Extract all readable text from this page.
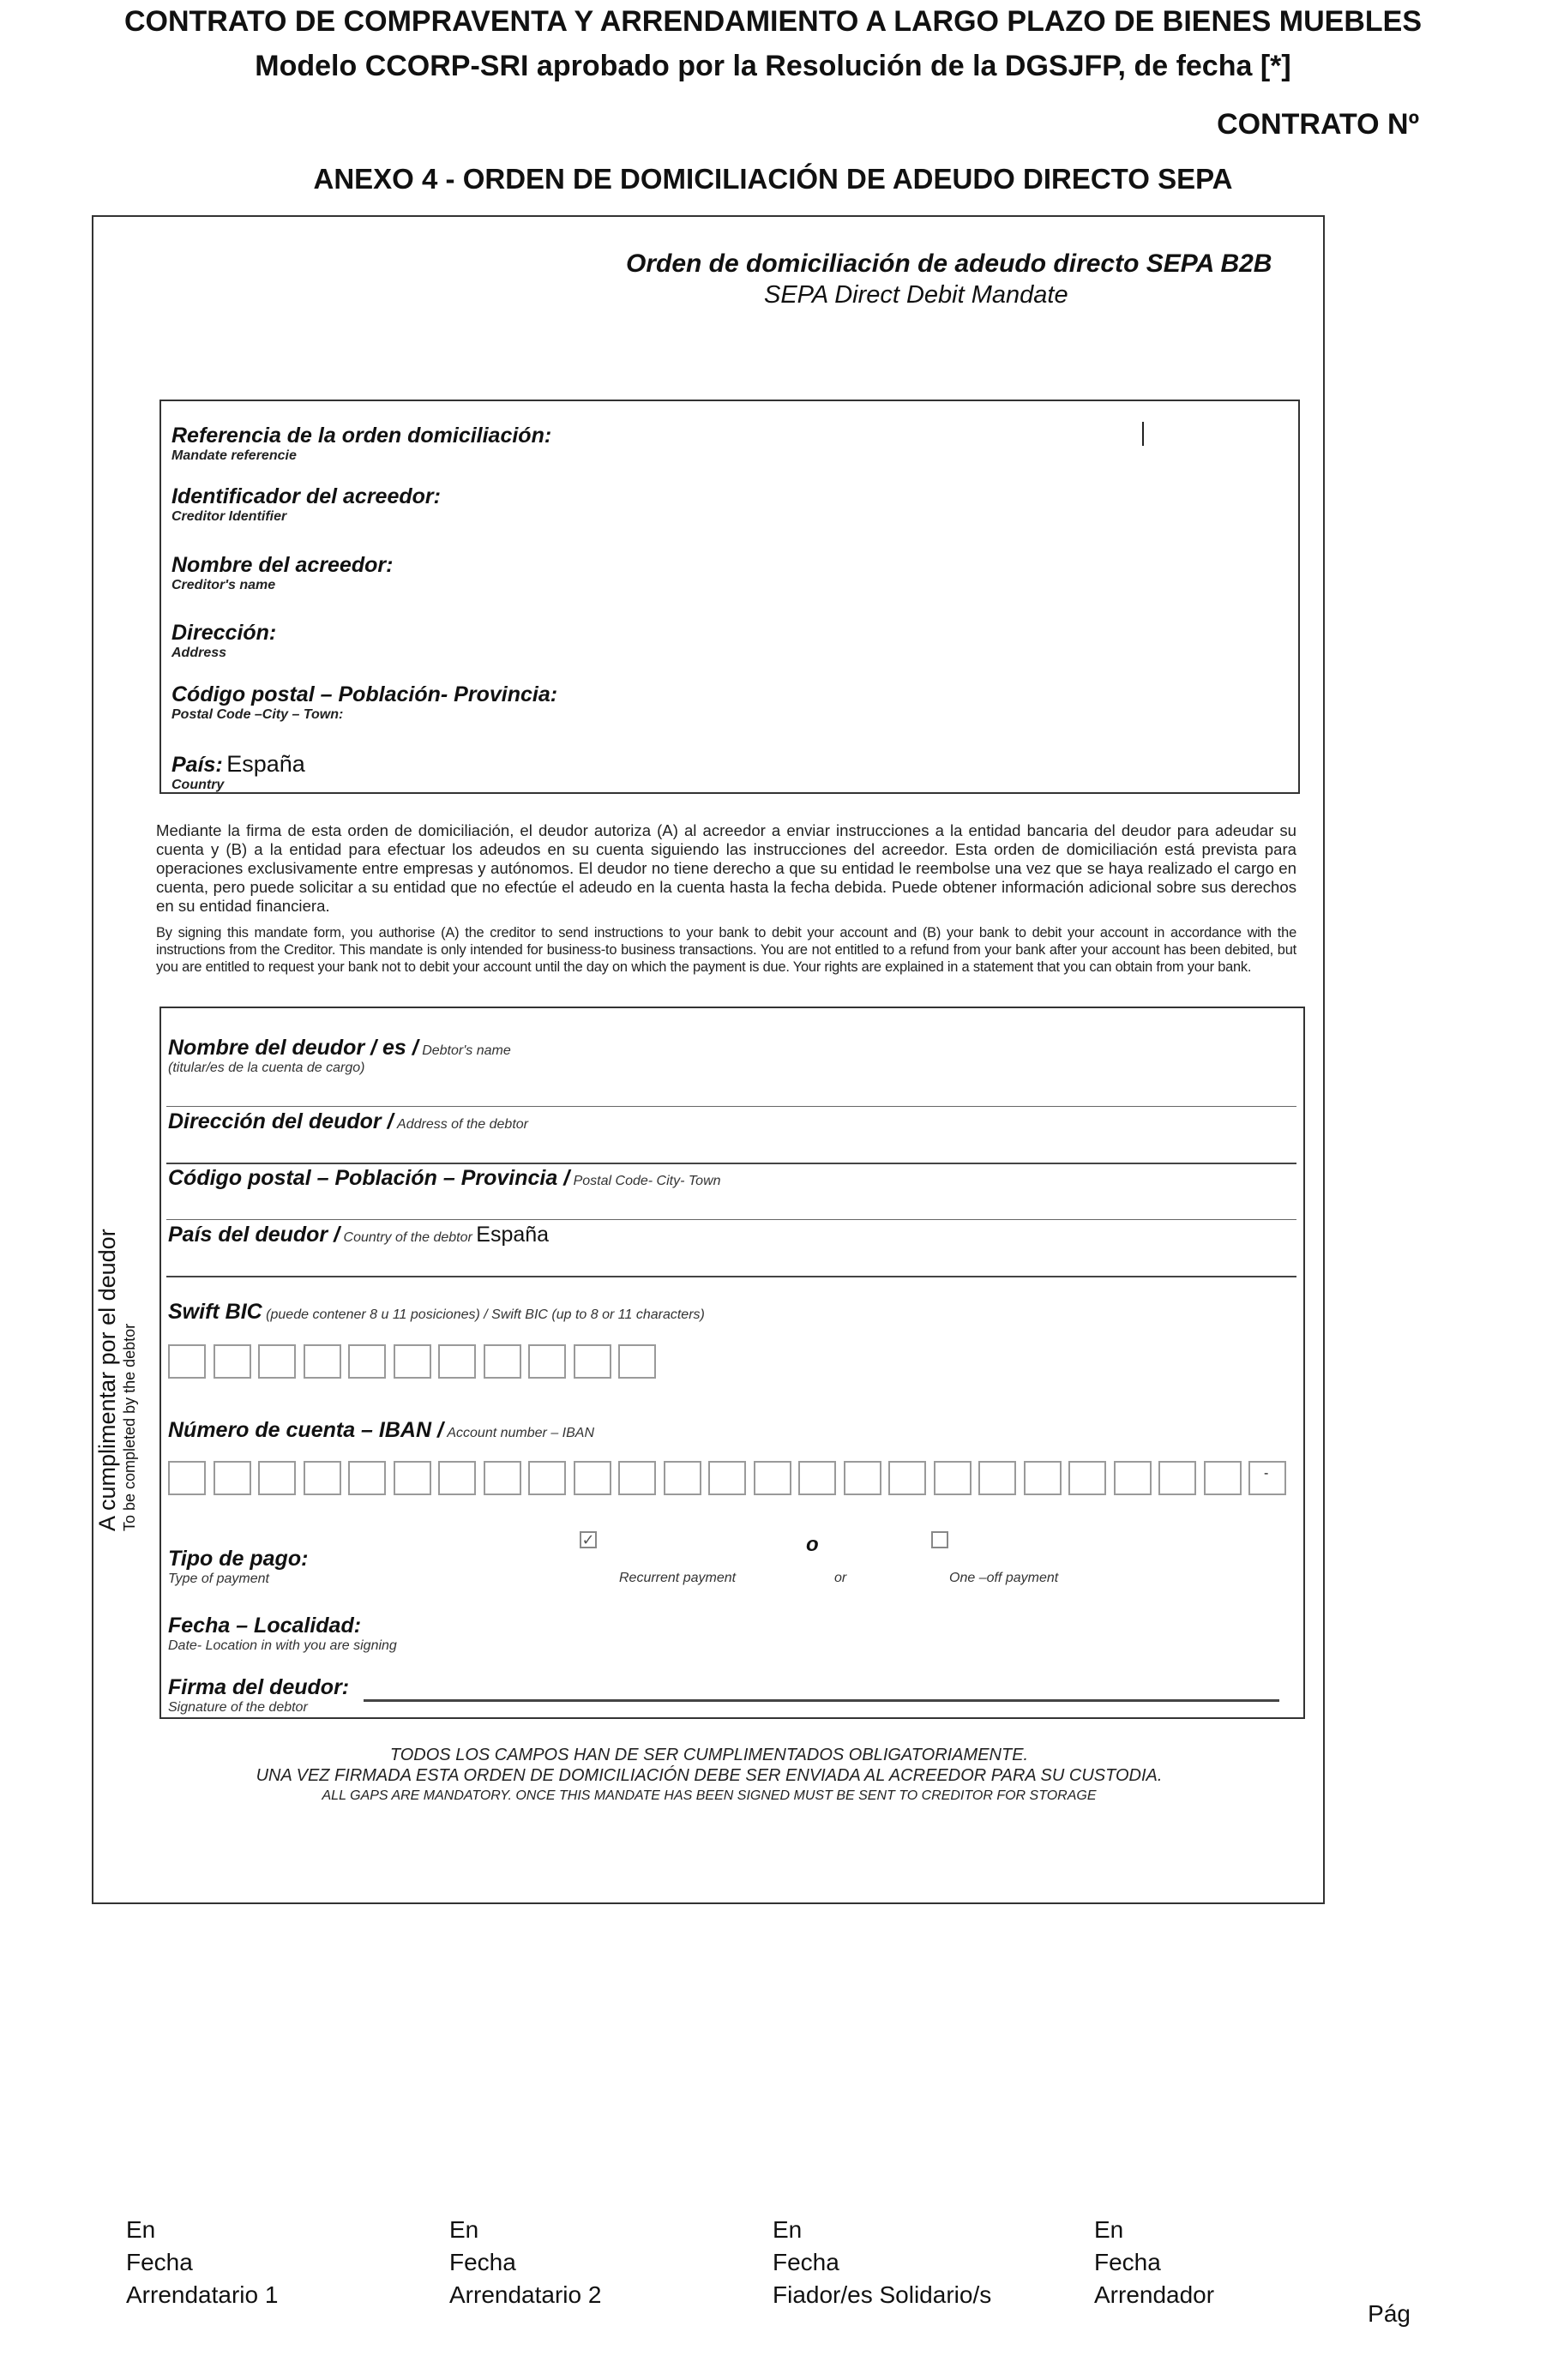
CONTRATO DE COMPRAVENTA Y ARRENDAMIENTO A LARGO PLAZO DE BIENES MUEBLES
Modelo CCORP-SRI aprobado por la Resolución de la DGSJFP, de fecha [*]
CONTRATO Nº
ANEXO 4 - ORDEN DE DOMICILIACIÓN DE ADEUDO DIRECTO SEPA
Orden de domiciliación de adeudo directo SEPA B2B
SEPA Direct Debit Mandate
Referencia de la orden domiciliación:
Mandate referencie
Identificador del acreedor:
Creditor Identifier
Nombre del acreedor:
Creditor's name
Dirección:
Address
Código postal – Población- Provincia:
Postal Code –City – Town:
País: España
Country
Mediante la firma de esta orden de domiciliación, el deudor autoriza (A) al acreedor a enviar instrucciones a la entidad bancaria del deudor para adeudar su cuenta y (B) a la entidad para efectuar los adeudos en su cuenta siguiendo las instrucciones del acreedor. Esta orden de domiciliación está prevista para operaciones exclusivamente entre empresas y autónomos. El deudor no tiene derecho a que su entidad le reembolse una vez que se haya realizado el cargo en cuenta, pero puede solicitar a su entidad que no efectúe el adeudo en la cuenta hasta la fecha debida. Puede obtener información adicional sobre sus derechos en su entidad financiera.
By signing this mandate form, you authorise (A) the creditor to send instructions to your bank to debit your account and (B) your bank to debit your account in accordance with the instructions from the Creditor. This mandate is only intended for business-to business transactions. You are not entitled to a refund from your bank after your account has been debited, but you are entitled to request your bank not to debit your account until the day on which the payment is due. Your rights are explained in a statement that you can obtain from your bank.
Nombre del deudor / es / Debtor's name
(titular/es de la cuenta de cargo)
Dirección del deudor / Address of the debtor
Código postal – Población – Provincia / Postal Code- City- Town
País del deudor / Country of the debtor España
Swift BIC (puede contener 8 u 11 posiciones) / Swift BIC (up to 8 or 11 characters)
Número de cuenta – IBAN / Account number – IBAN
-
Tipo de pago:
Type of payment
✓
Recurrent payment
o
or	One –off payment
Fecha – Localidad:
Date- Location in with you are signing
Firma del deudor:
Signature of the debtor
A cumplimentar por el deudor To be completed by the debtor
TODOS LOS CAMPOS HAN DE SER CUMPLIMENTADOS OBLIGATORIAMENTE.
UNA VEZ FIRMADA ESTA ORDEN DE DOMICILIACIÓN DEBE SER ENVIADA AL ACREEDOR PARA SU CUSTODIA.
ALL GAPS ARE MANDATORY. ONCE THIS MANDATE HAS BEEN SIGNED MUST BE SENT TO CREDITOR FOR STORAGE
En
Fecha
Arrendatario 1
En
Fecha
Arrendatario 2
En
Fecha
Fiador/es Solidario/s
En
Fecha
Arrendador
Pág
